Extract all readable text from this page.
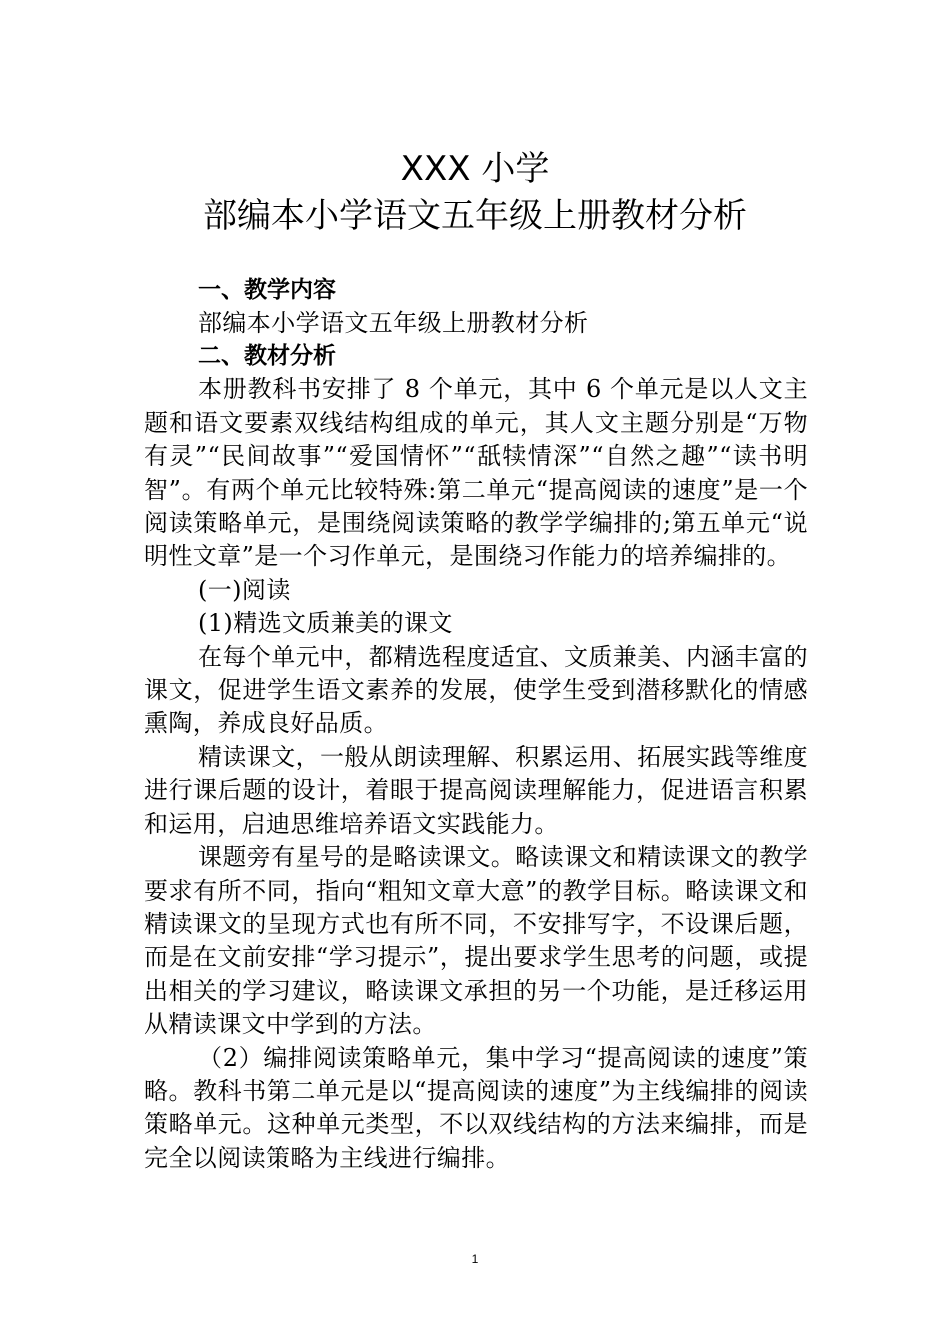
XXX 小学
部编本小学语文五年级上册教材分析
一、教学内容
部编本小学语文五年级上册教材分析
二、教材分析

本册教科书安排了 8 个单元，其中 6 个单元是以人文主题和语文要素双线结构组成的单元，其人文主题分别是“万物有灵”“民间故事”“爱国情怀”“舐犊情深”“自然之趣”“读书明智”。有两个单元比较特殊:第二单元“提高阅读的速度”是一个阅读策略单元，是围绕阅读策略的教学学编排的;第五单元“说明性文章”是一个习作单元，是围绕习作能力的培养编排的。

(一)阅读
(1)精选文质兼美的课文

在每个单元中，都精选程度适宜、文质兼美、内涵丰富的课文，促进学生语文素养的发展，使学生受到潜移默化的情感熏陶，养成良好品质。

精读课文，一般从朗读理解、积累运用、拓展实践等维度进行课后题的设计，着眼于提高阅读理解能力，促进语言积累和运用，启迪思维培养语文实践能力。

课题旁有星号的是略读课文。略读课文和精读课文的教学要求有所不同，指向“粗知文章大意”的教学目标。略读课文和精读课文的呈现方式也有所不同，不安排写字，不设课后题，而是在文前安排“学习提示”，提出要求学生思考的问题，或提出相关的学习建议，略读课文承担的另一个功能，是迁移运用从精读课文中学到的方法。

（2）编排阅读策略单元，集中学习“提高阅读的速度”策略。教科书第二单元是以“提高阅读的速度”为主线编排的阅读策略单元。这种单元类型，不以双线结构的方法来编排，而是完全以阅读策略为主线进行编排。

1
